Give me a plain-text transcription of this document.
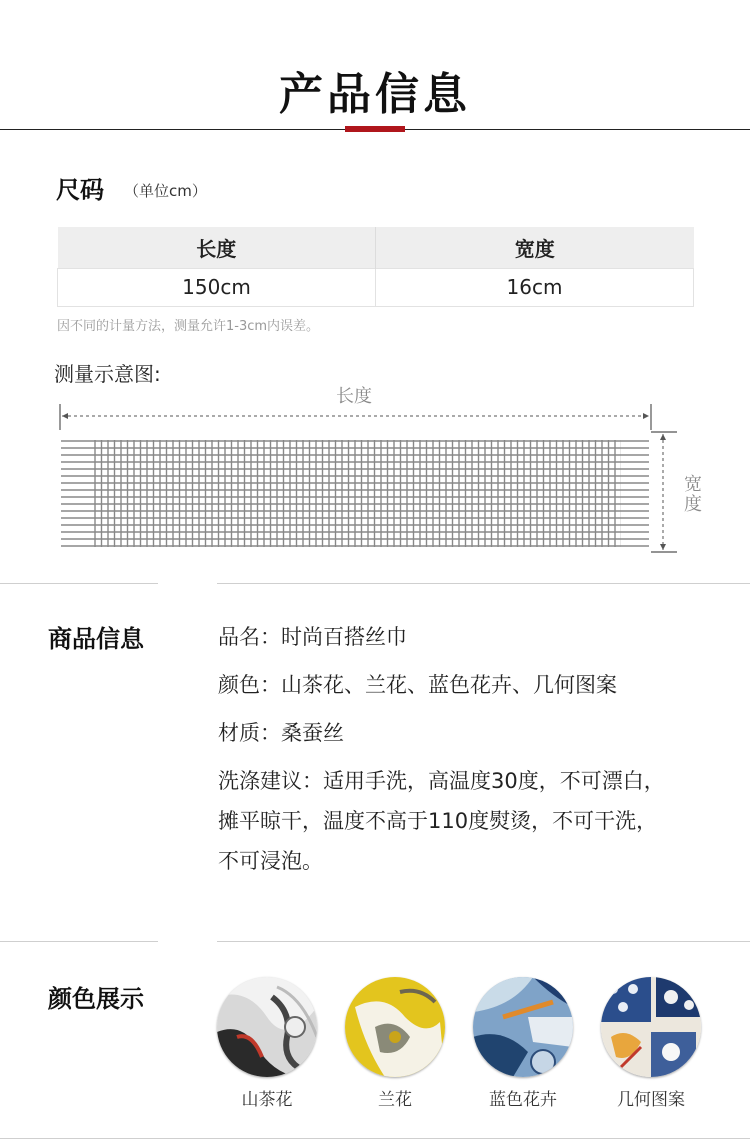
产品信息
尺码 （单位cm）
长度	宽度
150cm	16cm
因不同的计量方法，测量允许1-3cm内误差。
测量示意图:
长度
宽
度
商品信息	品名：时尚百搭丝巾
颜色：山茶花、兰花、蓝色花卉、几何图案
材质：桑蚕丝
洗涤建议：适用手洗，高温度30度，不可漂白，
摊平晾干，温度不高于110度熨烫，不可干洗，
不可浸泡。
颜色展示
山茶花	兰花	蓝色花卉	几何图案
